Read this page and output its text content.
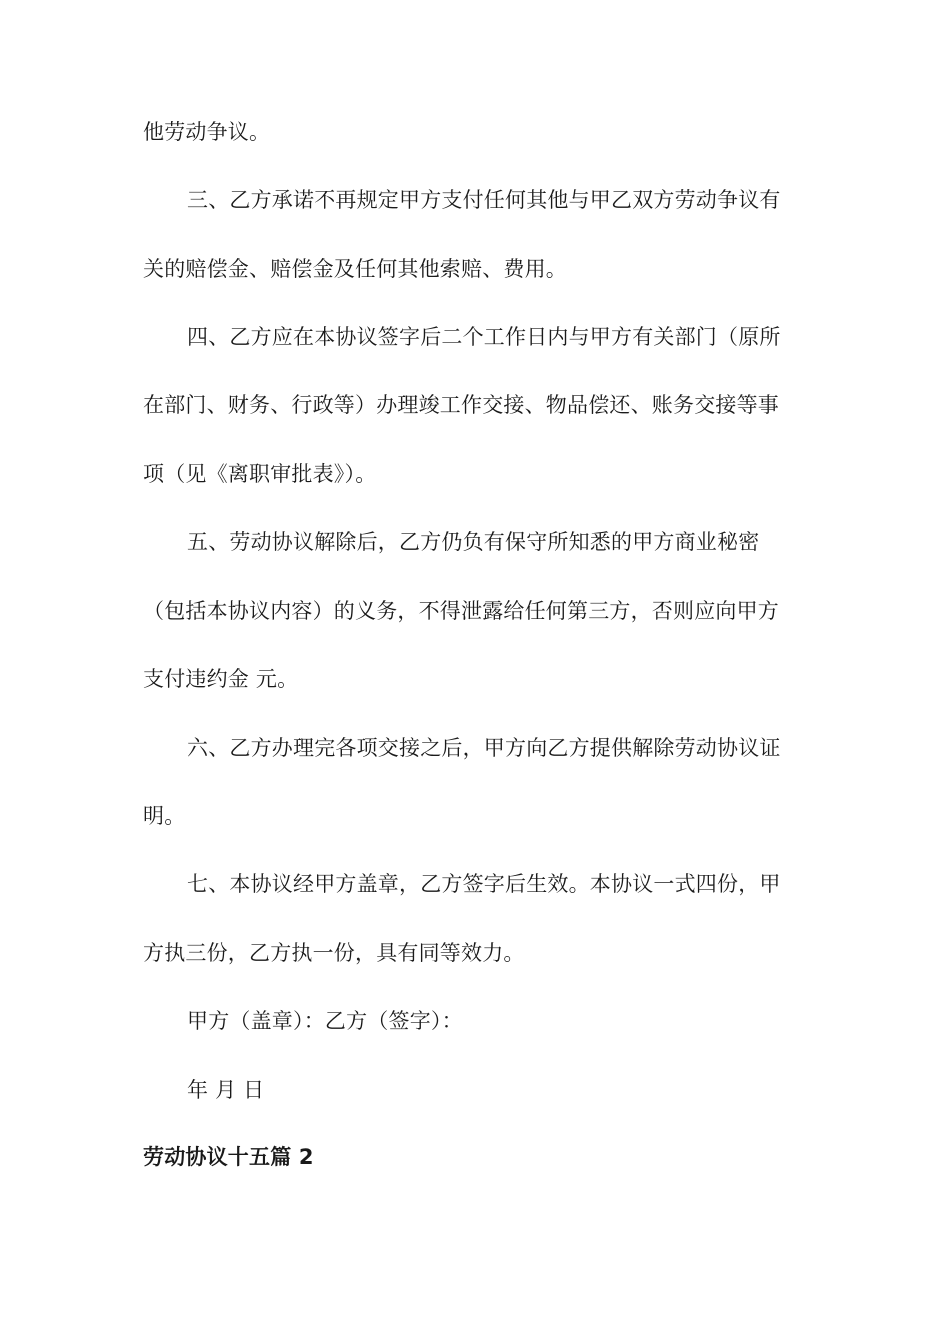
他劳动争议。
三、乙方承诺不再规定甲方支付任何其他与甲乙双方劳动争议有
关的赔偿金、赔偿金及任何其他索赔、费用。
四、乙方应在本协议签字后二个工作日内与甲方有关部门（原所
在部门、财务、行政等）办理竣工作交接、物品偿还、账务交接等事
项（见《离职审批表》）。
五、劳动协议解除后，乙方仍负有保守所知悉的甲方商业秘密
（包括本协议内容）的义务，不得泄露给任何第三方，否则应向甲方
支付违约金 元。
六、乙方办理完各项交接之后，甲方向乙方提供解除劳动协议证
明。
七、本协议经甲方盖章，乙方签字后生效。本协议一式四份，甲
方执三份，乙方执一份，具有同等效力。
甲方（盖章）：乙方（签字）：
年 月 日
劳动协议十五篇 2
